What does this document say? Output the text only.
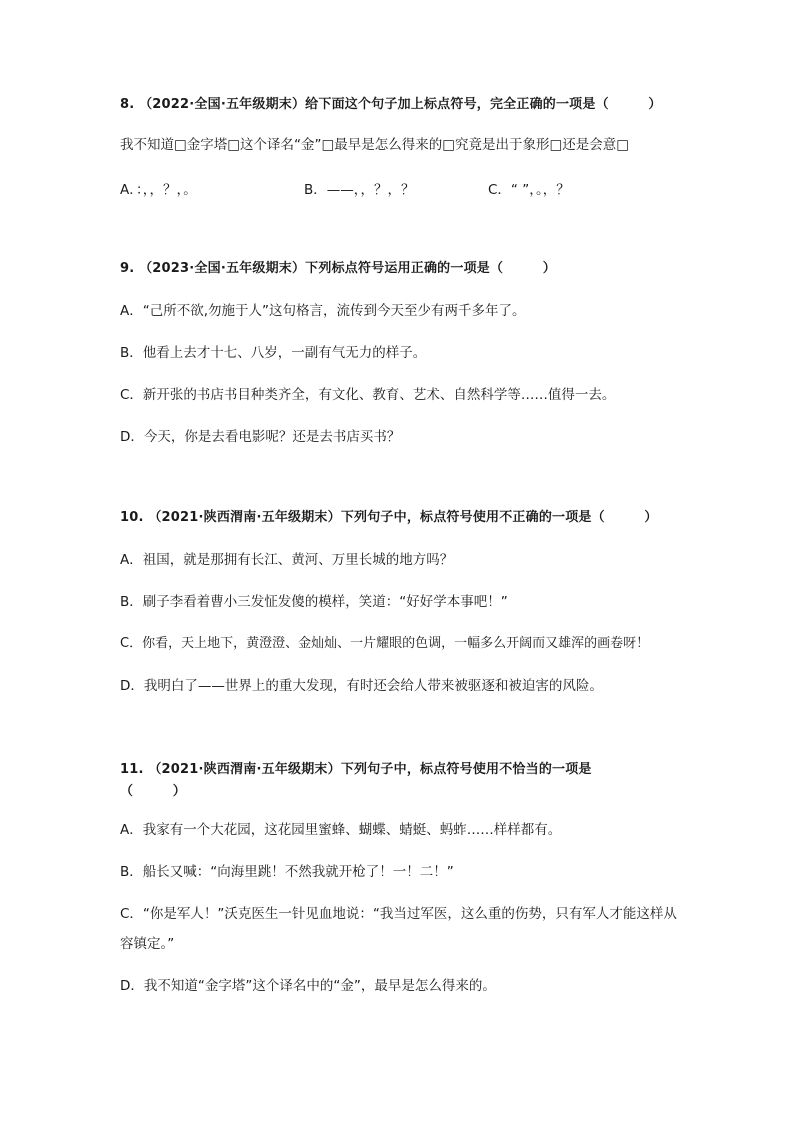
8. （2022·全国·五年级期末）给下面这个句子加上标点符号，完全正确的一项是（　　　）
我不知道□金字塔□这个译名“金”□最早是怎么得来的□究竟是出于象形□还是会意□
A．：，，？，。	B．——，，？，？	C．“ ”，。，？
9. （2023·全国·五年级期末）下列标点符号运用正确的一项是（　　　）
A．“己所不欲,勿施于人”这句格言，流传到今天至少有两千多年了。
B．他看上去才十七、八岁，一副有气无力的样子。
C．新开张的书店书目种类齐全，有文化、教育、艺术、自然科学等……值得一去。
D．今天，你是去看电影呢？还是去书店买书？
10. （2021·陕西渭南·五年级期末）下列句子中，标点符号使用不正确的一项是（　　　）
A．祖国，就是那拥有长江、黄河、万里长城的地方吗？
B．刷子李看着曹小三发怔发傻的模样，笑道：“好好学本事吧！”
C．你看，天上地下，黄澄澄、金灿灿、一片耀眼的色调，一幅多么开阔而又雄浑的画卷呀！
D．我明白了——世界上的重大发现，有时还会给人带来被驱逐和被迫害的风险。
11. （2021·陕西渭南·五年级期末）下列句子中，标点符号使用不恰当的一项是（　　　）
A．我家有一个大花园，这花园里蜜蜂、蝴蝶、蜻蜓、蚂蚱……样样都有。
B．船长又喊：“向海里跳！不然我就开枪了！一！二！”
C．“你是军人！”沃克医生一针见血地说：“我当过军医，这么重的伤势，只有军人才能这样从容镇定。”
D．我不知道“金字塔”这个译名中的“金”，最早是怎么得来的。
